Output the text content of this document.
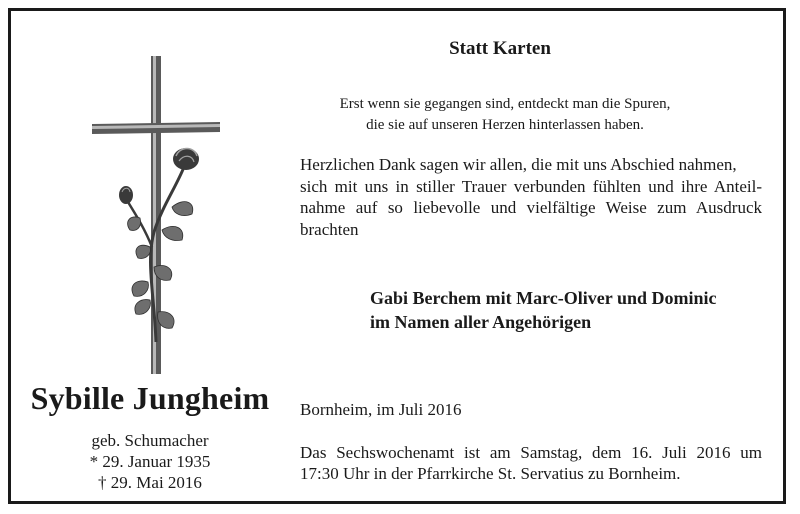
Sybille Jungheim
geb. Schumacher
* 29. Januar 1935
† 29. Mai 2016
Statt Karten
Erst wenn sie gegangen sind, entdeckt man die Spuren,
die sie auf unseren Herzen hinterlassen haben.
Herzlichen Dank sagen wir allen, die mit uns Abschied nahmen,
sich mit uns in stiller Trauer verbunden fühlten und ihre Anteil-
nahme auf so liebevolle und vielfältige Weise zum Ausdruck
brachten
Gabi Berchem mit Marc-Oliver und Dominic
im Namen aller Angehörigen
Bornheim, im Juli 2016
Das Sechswochenamt ist am Samstag, dem 16. Juli 2016 um
17:30 Uhr in der Pfarrkirche St. Servatius zu Bornheim.
